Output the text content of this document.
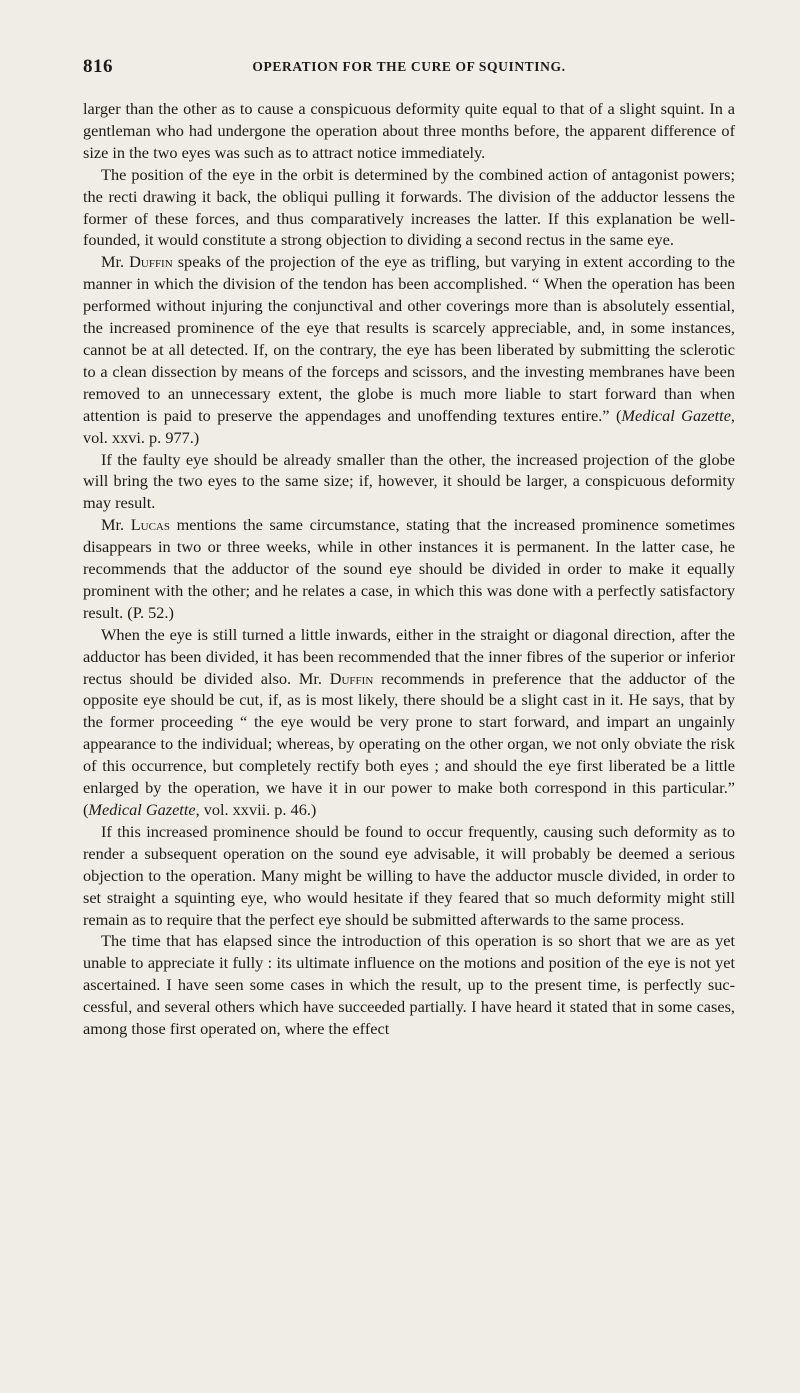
816	OPERATION FOR THE CURE OF SQUINTING.

larger than the other as to cause a conspicuous deformity quite equal to that of a slight squint. In a gentleman who had undergone the operation about three months before, the apparent difference of size in the two eyes was such as to attract notice immediately.

The position of the eye in the orbit is determined by the combined action of antagonist powers; the recti drawing it back, the obliqui pulling it forwards. The division of the adductor lessens the former of these forces, and thus comparatively increases the latter. If this explanation be well-founded, it would constitute a strong objection to dividing a second rectus in the same eye.

Mr. Duffin speaks of the projection of the eye as trifling, but varying in extent according to the manner in which the division of the tendon has been accomplished. “ When the operation has been performed without injuring the conjunctival and other coverings more than is absolutely essential, the increased prominence of the eye that results is scarcely appreciable, and, in some instances, cannot be at all detected. If, on the contrary, the eye has been liberated by submitting the sclerotic to a clean dissection by means of the forceps and scissors, and the investing membranes have been removed to an unnecessary extent, the globe is much more liable to start forward than when attention is paid to preserve the appendages and unoffending textures entire.” (Medical Gazette, vol. xxvi. p. 977.)

If the faulty eye should be already smaller than the other, the increased projection of the globe will bring the two eyes to the same size; if, however, it should be larger, a conspicuous deformity may result.

Mr. Lucas mentions the same circumstance, stating that the increased prominence sometimes disappears in two or three weeks, while in other instances it is permanent. In the latter case, he recommends that the adductor of the sound eye should be divided in order to make it equally prominent with the other; and he relates a case, in which this was done with a perfectly satisfactory result. (P. 52.)

When the eye is still turned a little inwards, either in the straight or diagonal direction, after the adductor has been divided, it has been recommended that the inner fibres of the superior or inferior rectus should be divided also. Mr. Duffin recommends in preference that the adductor of the opposite eye should be cut, if, as is most likely, there should be a slight cast in it. He says, that by the former proceeding “ the eye would be very prone to start forward, and impart an ungainly appearance to the individual; whereas, by operating on the other organ, we not only obviate the risk of this occurrence, but completely rectify both eyes ; and should the eye first liberated be a little enlarged by the operation, we have it in our power to make both correspond in this particular.” (Medical Gazette, vol. xxvii. p. 46.)

If this increased prominence should be found to occur frequently, causing such deformity as to render a subsequent operation on the sound eye advisable, it will probably be deemed a serious objection to the operation. Many might be willing to have the adductor muscle divided, in order to set straight a squinting eye, who would hesitate if they feared that so much deformity might still remain as to require that the perfect eye should be submitted afterwards to the same process.

The time that has elapsed since the introduction of this operation is so short that we are as yet unable to appreciate it fully : its ultimate influence on the motions and position of the eye is not yet ascertained. I have seen some cases in which the result, up to the present time, is perfectly successful, and several others which have succeeded partially. I have heard it stated that in some cases, among those first operated on, where the effect
